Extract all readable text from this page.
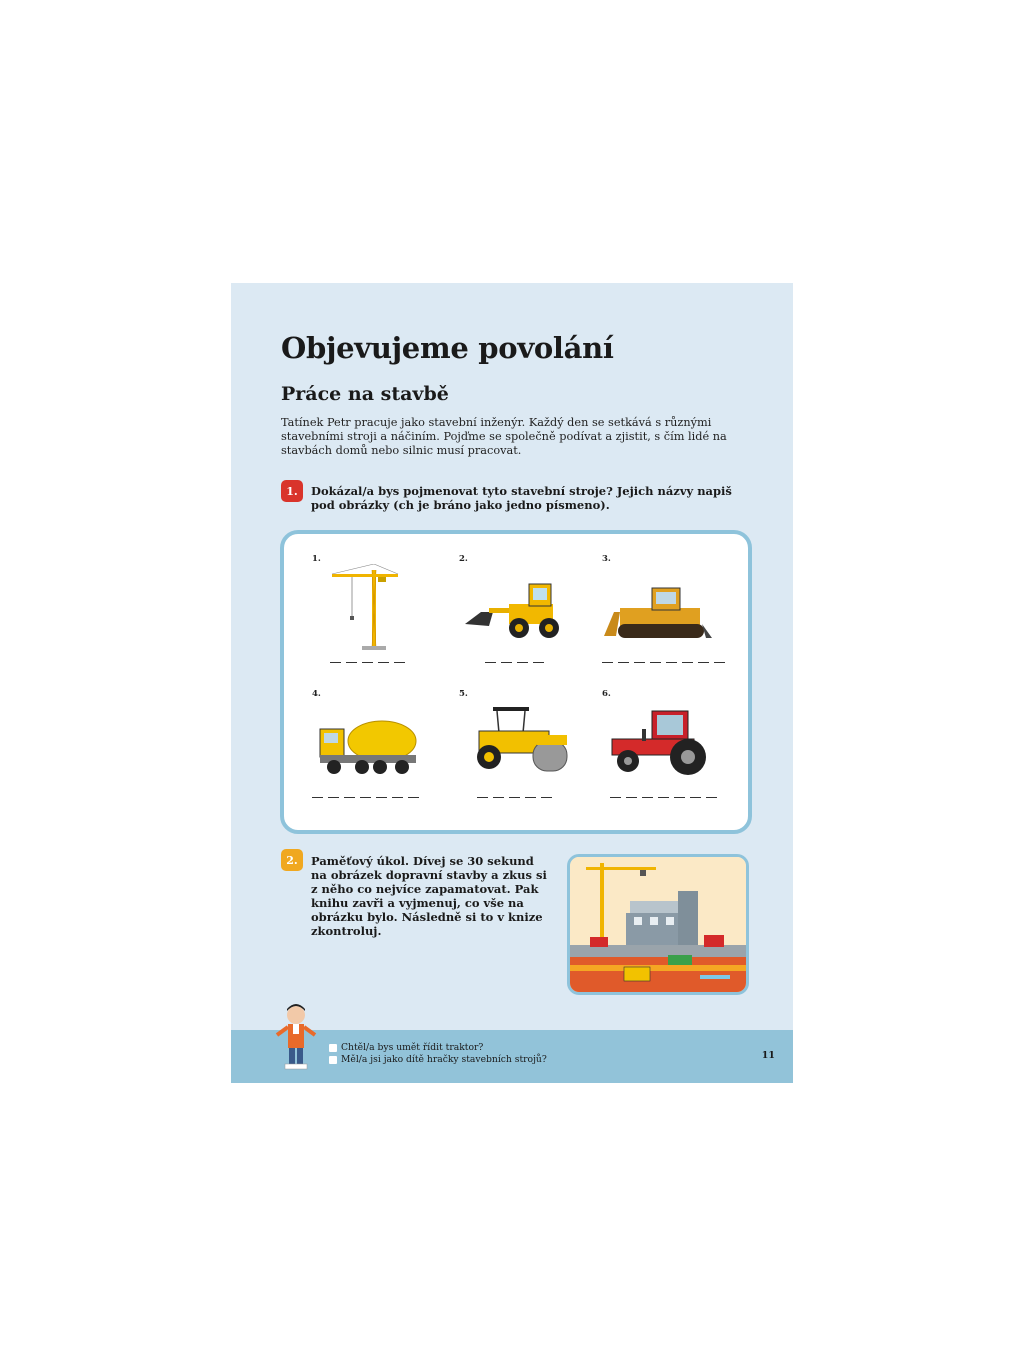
Objevujeme povolání
Práce na stavbě

Tatínek Petr pracuje jako stavební inženýr. Každý den se setkává s různými stavebními stroji a náčiním. Pojďme se společně podívat a zjistit, s čím lidé na stavbách domů nebo silnic musí pracovat.

1.	Dokázal/a bys pojmenovat tyto stavební stroje? Jejich názvy napiš pod obrázky (ch je bráno jako jedno písmeno).

1.	2.	3.
4.	5.	6.
2.	Paměťový úkol. Dívej se 30 sekund na obrázek dopravní stavby a zkus si z něho co nejvíce zapamatovat. Pak knihu zavři a vyjmenuj, co vše na obrázku bylo. Následně si to v knize zkontroluj.

Chtěl/a bys umět řídit traktor?
Měl/a jsi jako dítě hračky stavebních strojů?	11
